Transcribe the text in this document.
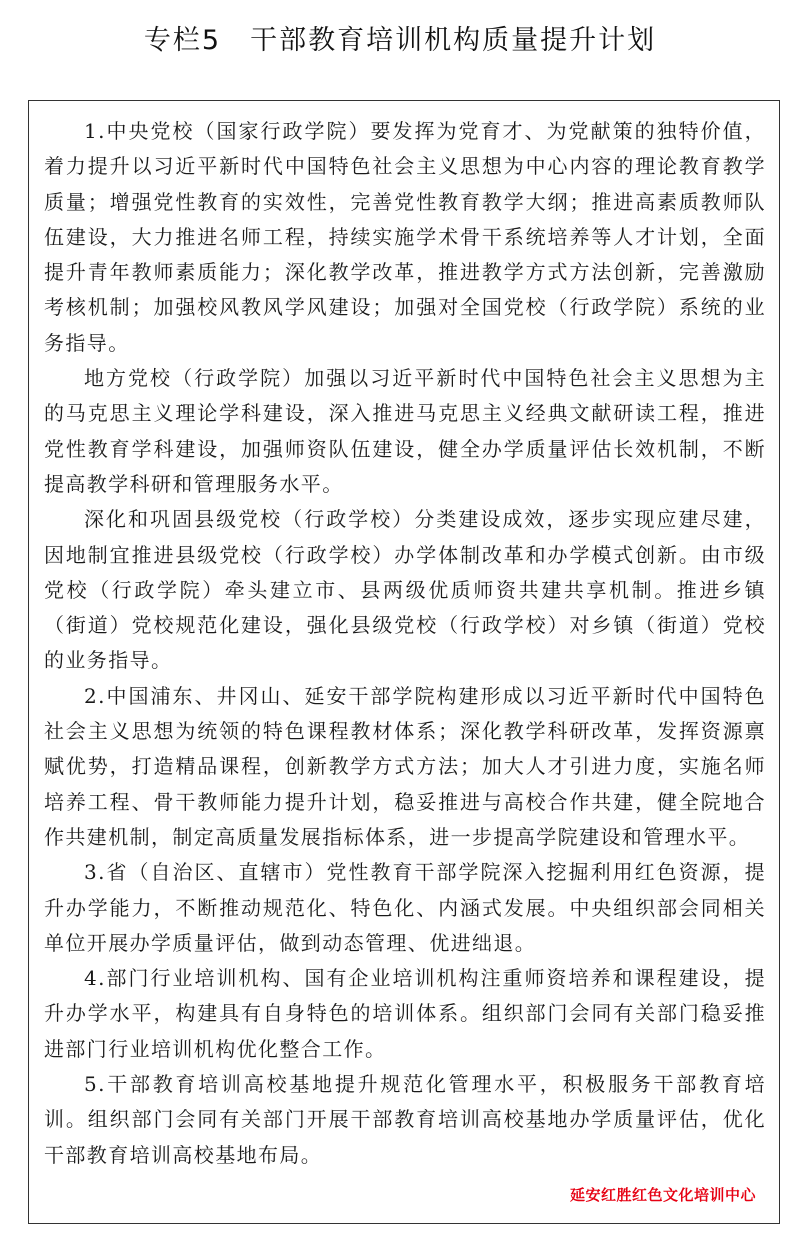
专栏5　干部教育培训机构质量提升计划

1.中央党校（国家行政学院）要发挥为党育才、为党献策的独特价值，着力提升以习近平新时代中国特色社会主义思想为中心内容的理论教育教学质量；增强党性教育的实效性，完善党性教育教学大纲；推进高素质教师队伍建设，大力推进名师工程，持续实施学术骨干系统培养等人才计划，全面提升青年教师素质能力；深化教学改革，推进教学方式方法创新，完善激励考核机制；加强校风教风学风建设；加强对全国党校（行政学院）系统的业务指导。

地方党校（行政学院）加强以习近平新时代中国特色社会主义思想为主的马克思主义理论学科建设，深入推进马克思主义经典文献研读工程，推进党性教育学科建设，加强师资队伍建设，健全办学质量评估长效机制，不断提高教学科研和管理服务水平。

深化和巩固县级党校（行政学校）分类建设成效，逐步实现应建尽建，因地制宜推进县级党校（行政学校）办学体制改革和办学模式创新。由市级党校（行政学院）牵头建立市、县两级优质师资共建共享机制。推进乡镇（街道）党校规范化建设，强化县级党校（行政学校）对乡镇（街道）党校的业务指导。

2.中国浦东、井冈山、延安干部学院构建形成以习近平新时代中国特色社会主义思想为统领的特色课程教材体系；深化教学科研改革，发挥资源禀赋优势，打造精品课程，创新教学方式方法；加大人才引进力度，实施名师培养工程、骨干教师能力提升计划，稳妥推进与高校合作共建，健全院地合作共建机制，制定高质量发展指标体系，进一步提高学院建设和管理水平。

3.省（自治区、直辖市）党性教育干部学院深入挖掘利用红色资源，提升办学能力，不断推动规范化、特色化、内涵式发展。中央组织部会同相关单位开展办学质量评估，做到动态管理、优进绌退。

4.部门行业培训机构、国有企业培训机构注重师资培养和课程建设，提升办学水平，构建具有自身特色的培训体系。组织部门会同有关部门稳妥推进部门行业培训机构优化整合工作。

5.干部教育培训高校基地提升规范化管理水平，积极服务干部教育培训。组织部门会同有关部门开展干部教育培训高校基地办学质量评估，优化干部教育培训高校基地布局。

延安红胜红色文化培训中心
